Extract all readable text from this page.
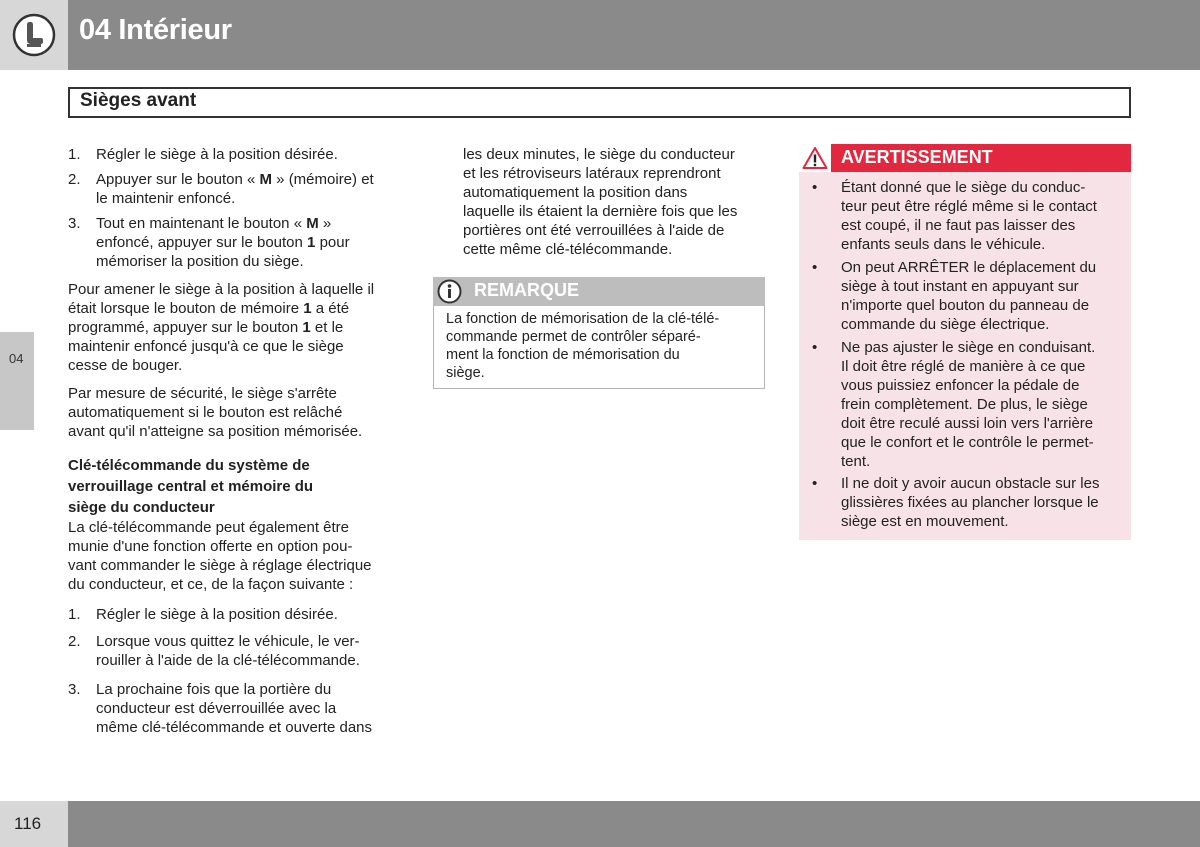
04 Intérieur
Sièges avant
04
1. Régler le siège à la position désirée.
2. Appuyer sur le bouton « M » (mémoire) et
le maintenir enfoncé.
3. Tout en maintenant le bouton « M »
enfoncé, appuyer sur le bouton 1 pour
mémoriser la position du siège.
Pour amener le siège à la position à laquelle il
était lorsque le bouton de mémoire 1 a été
programmé, appuyer sur le bouton 1 et le
maintenir enfoncé jusqu'à ce que le siège
cesse de bouger.
Par mesure de sécurité, le siège s'arrête
automatiquement si le bouton est relâché
avant qu'il n'atteigne sa position mémorisée.
Clé-télécommande du système de
verrouillage central et mémoire du
siège du conducteur
La clé-télécommande peut également être
munie d'une fonction offerte en option pou-
vant commander le siège à réglage électrique
du conducteur, et ce, de la façon suivante :
1. Régler le siège à la position désirée.
2. Lorsque vous quittez le véhicule, le ver-
rouiller à l'aide de la clé-télécommande.
3. La prochaine fois que la portière du
conducteur est déverrouillée avec la
même clé-télécommande et ouverte dans
les deux minutes, le siège du conducteur
et les rétroviseurs latéraux reprendront
automatiquement la position dans
laquelle ils étaient la dernière fois que les
portières ont été verrouillées à l'aide de
cette même clé-télécommande.
REMARQUE
La fonction de mémorisation de la clé-télé-
commande permet de contrôler séparé-
ment la fonction de mémorisation du
siège.
AVERTISSEMENT
• Étant donné que le siège du conduc-
teur peut être réglé même si le contact
est coupé, il ne faut pas laisser des
enfants seuls dans le véhicule.
• On peut ARRÊTER le déplacement du
siège à tout instant en appuyant sur
n'importe quel bouton du panneau de
commande du siège électrique.
• Ne pas ajuster le siège en conduisant.
Il doit être réglé de manière à ce que
vous puissiez enfoncer la pédale de
frein complètement. De plus, le siège
doit être reculé aussi loin vers l'arrière
que le confort et le contrôle le permet-
tent.
• Il ne doit y avoir aucun obstacle sur les
glissières fixées au plancher lorsque le
siège est en mouvement.
116
